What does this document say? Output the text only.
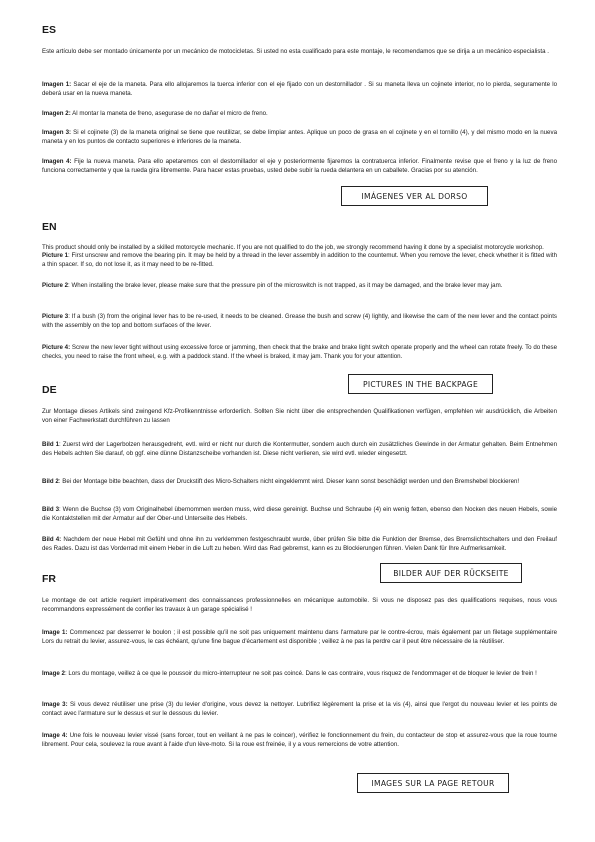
ES

Este artículo debe ser montado únicamente por un mecánico de motocicletas. Si usted no esta cualificado para este montaje, le recomendamos que se dirija a un mecánico especialista .

Imagen 1: Sacar el eje de la maneta. Para ello allojaremos la tuerca inferior con el eje fijado con un destornillador . Si su maneta lleva un cojinete interior, no lo pierda, seguramente lo deberá usar en la nueva maneta.

Imagen 2: Al montar la maneta de freno, asegurase de no dañar el micro de freno.

Imagen 3: Si el cojinete (3) de la maneta original se tiene que reutilizar, se debe limpiar antes. Aplique un poco de grasa en el cojinete y en el tornillo (4), y del mismo modo en la nueva maneta y en los puntos de contacto superiores e inferiores de la maneta.

Imagen 4: Fije la nueva maneta. Para ello apetaremos con el destornillador el eje y posteriormente fijaremos la contratuerca inferior. Finalmente revise que el freno y la luz de freno funciona correctamente y que la rueda gira libremente. Para hacer estas pruebas, usted debe subir la rueda delantera en un caballete. Gracias por su atención.

IMÁGENES VER AL DORSO
EN

This product should only be installed by a skilled motorcycle mechanic. If you are not qualified to do the job, we strongly recommend having it done by a specialist motorcycle workshop.

Picture 1: First unscrew and remove the bearing pin. It may be held by a thread in the lever assembly in addition to the countemut. When you remove the lever, check whether it is fitted with a thin spacer. If so, do not lose it, as it may need to be re-fitted.

Picture 2: When installing the brake lever, please make sure that the pressure pin of the microswitch is not trapped, as it may be damaged, and the brake lever may jam.

Picture 3: If a bush (3) from the original lever has to be re-used, it needs to be cleaned. Grease the bush and screw (4) lightly, and likewise the cam of the new lever and the contact points with the assembly on the top and bottom surfaces of the lever.

Picture 4: Screw the new lever tight without using excessive force or jamming, then check that the brake and brake light switch operate properly and the wheel can rotate freely. To do these checks, you need to raise the front wheel, e.g. with a paddock stand. If the wheel is braked, it may jam. Thank you for your attention.

PICTURES IN THE BACKPAGE
DE

Zur Montage dieses Artikels sind zwingend Kfz-Profikenntnisse erforderlich. Sollten Sie nicht über die entsprechenden Qualifikationen verfügen, empfehlen wir ausdrücklich, die Arbeiten von einer Fachwerkstatt durchführen zu lassen

Bild 1: Zuerst wird der Lagerbolzen herausgedreht, evtl. wird er nicht nur durch die Kontermutter, sondern auch durch ein zusätzliches Gewinde in der Armatur gehalten. Beim Entnehmen des Hebels achten Sie darauf, ob ggf. eine dünne Distanzscheibe vorhanden ist. Diese nicht verlieren, sie wird evtl. wieder eingesetzt.

Bild 2: Bei der Montage bitte beachten, dass der Druckstift des Micro-Schalters nicht eingeklemmt wird. Dieser kann sonst beschädigt werden und den Bremshebel blockieren!

Bild 3: Wenn die Buchse (3) vom Originalhebel übernommen werden muss, wird diese gereinigt. Buchse und Schraube (4) ein wenig fetten, ebenso den Nocken des neuen Hebels, sowie die Kontaktstellen mit der Armatur auf der Ober-und Unterseite des Hebels.

Bild 4: Nachdem der neue Hebel mit Gefühl und ohne ihn zu verklemmen festgeschraubt wurde, über prüfen Sie bitte die Funktion der Bremse, des Bremslichtschalters und den Freilauf des Rades. Dazu ist das Vorderrad mit einem Heber in die Luft zu heben. Wird das Rad gebremst, kann es zu Blockierungen führen. Vielen Dank für Ihre Aufmerksamkeit.

BILDER AUF DER RÜCKSEITE
FR

Le montage de cet article requiert impérativement des connaissances professionnelles en mécanique automobile. Si vous ne disposez pas des qualifications requises, nous vous recommandons expressément de confier les travaux à un garage spécialisé !

Image 1: Commencez par desserrer le boulon ; il est possible qu'il ne soit pas uniquement maintenu dans l'armature par le contre-écrou, mais également par un filetage supplémentaire Lors du retrait du levier, assurez-vous, le cas échéant, qu'une fine bague d'écartement est disponible ; veillez à ne pas la perdre car il peut être nécessaire de la réutiliser.

Image 2: Lors du montage, veillez à ce que le poussoir du micro-interrupteur ne soit pas coincé. Dans le cas contraire, vous risquez de l'endommager et de bloquer le levier de frein !

Image 3: Si vous devez réutiliser une prise (3) du levier d'origine, vous devez la nettoyer. Lubrifiez légèrement la prise et la vis (4), ainsi que l'ergot du nouveau levier et les points de contact avec l'armature sur le dessus et sur le dessous du levier.

Image 4: Une fois le nouveau levier vissé (sans forcer, tout en veillant à ne pas le coincer), vérifiez le fonctionnement du frein, du contacteur de stop et assurez-vous que la roue tourne librement. Pour cela, soulevez la roue avant à l'aide d'un lève-moto. Si la roue est freinée, il y a vous remercions de votre attention.

IMAGES SUR LA PAGE RETOUR
